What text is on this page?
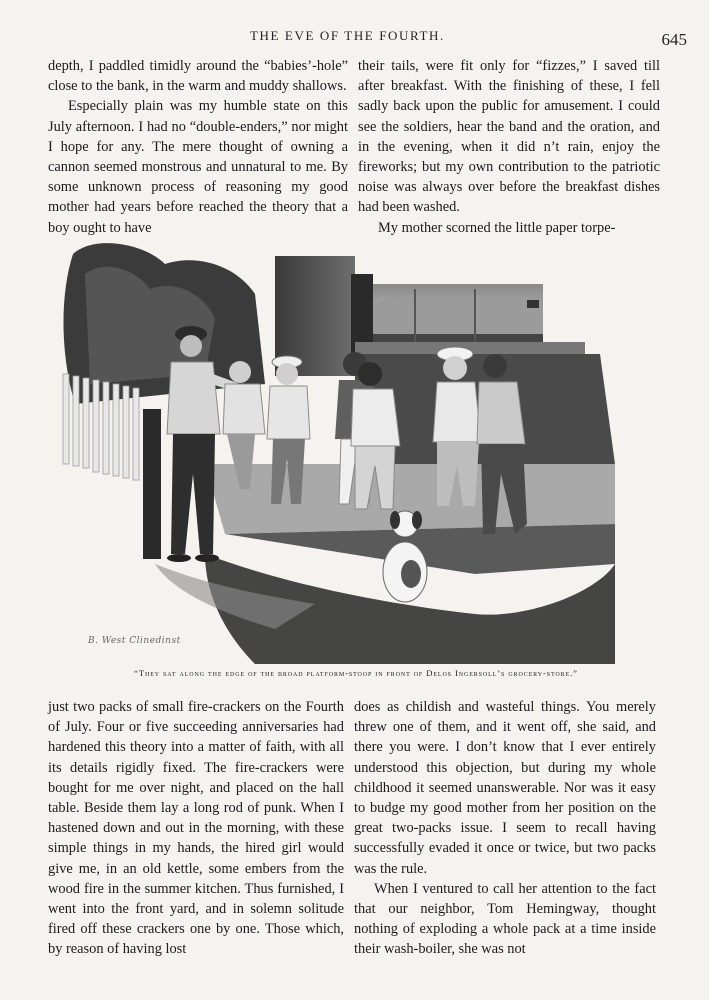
THE EVE OF THE FOURTH.	645

depth, I paddled timidly around the “babies’-hole” close to the bank, in the warm and muddy shallows.

Especially plain was my humble state on this July afternoon. I had no “double-enders,” nor might I hope for any. The mere thought of owning a cannon seemed monstrous and unnatural to me. By some unknown process of reasoning my good mother had years before reached the theory that a boy ought to have

their tails, were fit only for “fizzes,” I saved till after breakfast. With the finishing of these, I fell sadly back upon the public for amusement. I could see the soldiers, hear the band and the oration, and in the evening, when it did n’t rain, enjoy the fireworks; but my own contribution to the patriotic noise was always over before the breakfast dishes had been washed.

My mother scorned the little paper torpe-

B. West Clinedinst
“They sat along the edge of the broad platform-stoop in front of Delos Ingersoll’s grocery-store.”

just two packs of small fire-crackers on the Fourth of July. Four or five succeeding anniversaries had hardened this theory into a matter of faith, with all its details rigidly fixed. The fire-crackers were bought for me over night, and placed on the hall table. Beside them lay a long rod of punk. When I hastened down and out in the morning, with these simple things in my hands, the hired girl would give me, in an old kettle, some embers from the wood fire in the summer kitchen. Thus furnished, I went into the front yard, and in solemn solitude fired off these crackers one by one. Those which, by reason of having lost

does as childish and wasteful things. You merely threw one of them, and it went off, she said, and there you were. I don’t know that I ever entirely understood this objection, but during my whole childhood it seemed unanswerable. Nor was it easy to budge my good mother from her position on the great two-packs issue. I seem to recall having successfully evaded it once or twice, but two packs was the rule.

When I ventured to call her attention to the fact that our neighbor, Tom Hemingway, thought nothing of exploding a whole pack at a time inside their wash-boiler, she was not
